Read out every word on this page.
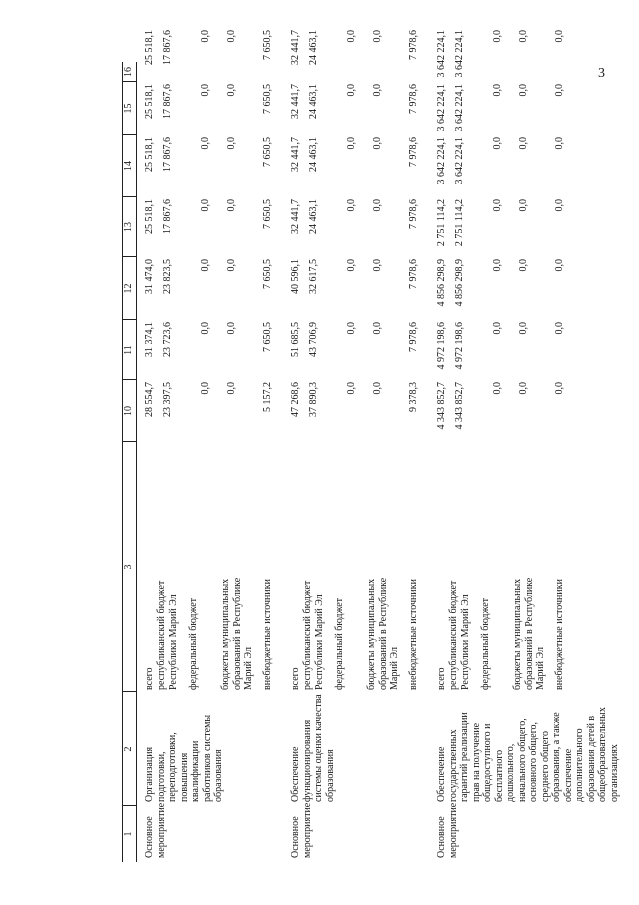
3
1
2
3
10
11
12
13
14
15
16
Основное мероприятие
Организация подготовки, переподготовки, повышения квалификации работников системы образования
всего республиканский бюджет Республики Марий Эл федеральный бюджет бюджеты муниципальных образований в Республике Марий Эл внебюджетные источники
28 554,7
31 374,1
31 474,0
25 518,1
25 518,1
25 518,1
25 518,1
23 397,5
23 723,6
23 823,5
17 867,6
17 867,6
17 867,6
17 867,6
0,0
0,0
0,0
0,0
0,0
0,0
0,0
0,0
0,0
0,0
0,0
0,0
0,0
0,0
5 157,2
7 650,5
7 650,5
7 650,5
7 650,5
7 650,5
7 650,5
Основное мероприятие
Обеспечение функционирования системы оценки качества образования
всего республиканский бюджет Республики Марий Эл федеральный бюджет бюджеты муниципальных образований в Республике Марий Эл внебюджетные источники
47 268,6
51 685,5
40 596,1
32 441,7
32 441,7
32 441,7
32 441,7
37 890,3
43 706,9
32 617,5
24 463,1
24 463,1
24 463,1
24 463,1
0,0
0,0
0,0
0,0
0,0
0,0
0,0
0,0
0,0
0,0
0,0
0,0
0,0
0,0
9 378,3
7 978,6
7 978,6
7 978,6
7 978,6
7 978,6
7 978,6
Основное мероприятие
Обеспечение государственных гарантий реализации прав на получение общедоступного и бесплатного дошкольного, начального общего, основного общего, среднего общего образования, а также обеспечение дополнительного образования детей в общеобразовательных организациях
всего республиканский бюджет Республики Марий Эл федеральный бюджет бюджеты муниципальных образований в Республике Марий Эл внебюджетные источники
4 343 852,7
4 972 198,6
4 856 298,9
2 751 114,2
3 642 224,1
3 642 224,1
3 642 224,1
4 343 852,7
4 972 198,6
4 856 298,9
2 751 114,2
3 642 224,1
3 642 224,1
3 642 224,1
0,0
0,0
0,0
0,0
0,0
0,0
0,0
0,0
0,0
0,0
0,0
0,0
0,0
0,0
0,0
0,0
0,0
0,0
0,0
0,0
0,0
